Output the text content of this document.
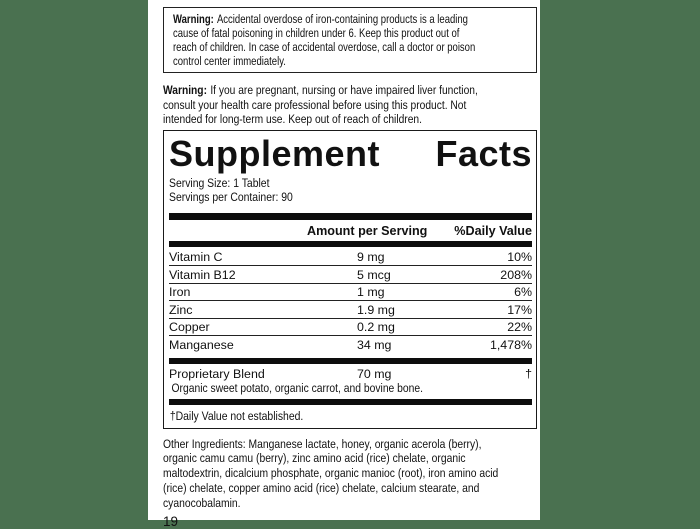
Warning: Accidental overdose of iron-containing products is a leading
cause of fatal poisoning in children under 6. Keep this product out of
reach of children. In case of accidental overdose, call a doctor or poison
control center immediately.
Warning: If you are pregnant, nursing or have impaired liver function,
consult your health care professional before using this product. Not
intended for long-term use. Keep out of reach of children.
Supplement Facts
Serving Size: 1 Tablet
Servings per Container: 90
Amount per Serving %Daily Value
Vitamin C	9 mg	10%
Vitamin B12	5 mcg	208%
Iron	1 mg	6%
Zinc	1.9 mg	17%
Copper	0.2 mg	22%
Manganese	34 mg	1,478%
Proprietary Blend	70 mg	†
Organic sweet potato, organic carrot, and bovine bone.
†Daily Value not established.
Other Ingredients: Manganese lactate, honey, organic acerola (berry),
organic camu camu (berry), zinc amino acid (rice) chelate, organic
maltodextrin, dicalcium phosphate, organic manioc (root), iron amino acid
(rice) chelate, copper amino acid (rice) chelate, calcium stearate, and
cyanocobalamin.
19
